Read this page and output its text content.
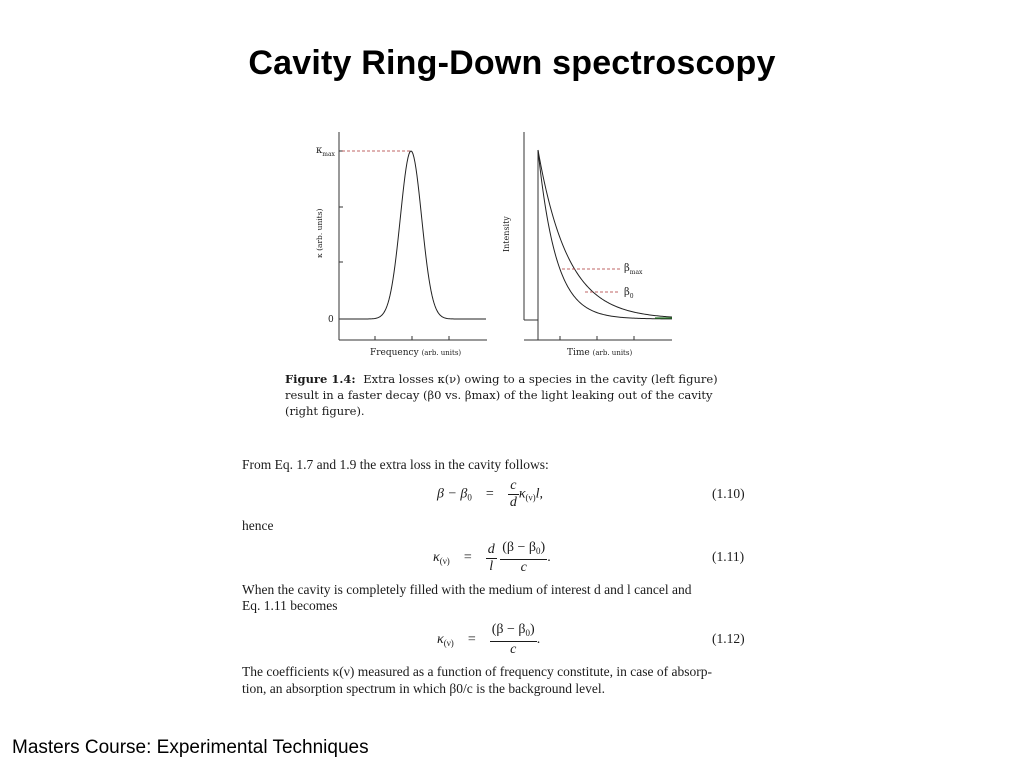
Cavity Ring-Down spectroscopy
$\kappa_{max}$
0
κ (arb. units)
Frequency (arb. units)
$\beta_{max}$
$\beta_0$
Intensity
Time (arb. units)
Figure 1.4: Extra losses κ(ν) owing to a species in the cavity (left figure)
result in a faster decay (β0 vs. βmax) of the light leaking out of the cavity
(right figure).
From Eq. 1.7 and 1.9 the extra loss in the cavity follows:
$\beta - \beta_0 = \frac{c}{d} \kappa_{(\nu)}l$,	(1.10)
hence
$\kappa_{(\nu)} = \frac{d}{l}$
$\frac{(\beta - \beta_0)}{c}$ .	(1.11)
When the cavity is completely filled with the medium of interest d and l cancel and
Eq. 1.11 becomes
$\kappa_{(\nu)} = \frac{(\beta - \beta_0)}{c}$ .	(1.12)
The coefficients κ(ν) measured as a function of frequency constitute, in case of absorp-
tion, an absorption spectrum in which β0/c is the background level.
Masters Course: Experimental Techniques
